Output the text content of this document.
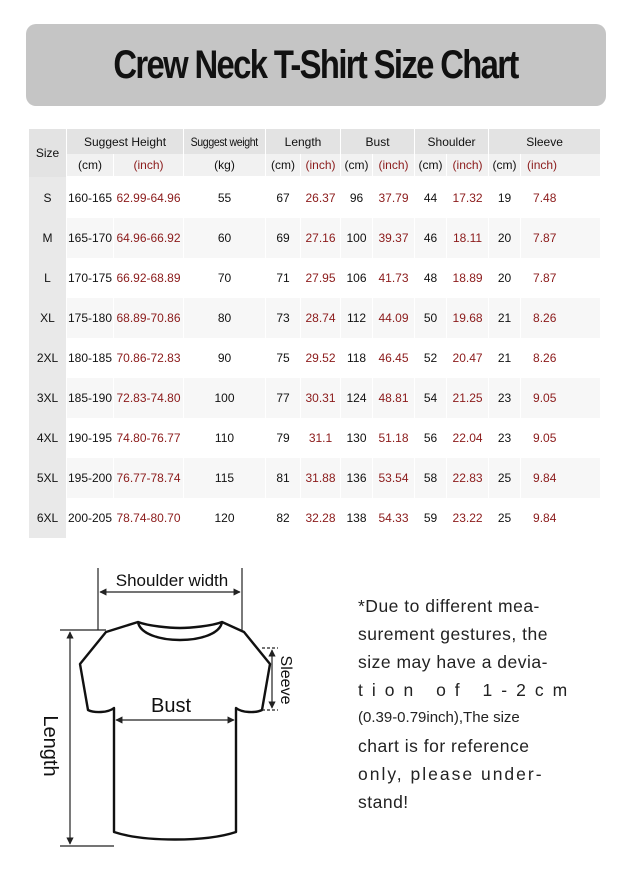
Crew Neck T-Shirt Size Chart
Size	Suggest Height		Suggest weight	Length		Bust		Shoulder		Sleeve	
	(cm)	(inch)	(kg)	(cm)	(inch)	(cm)	(inch)	(cm)	(inch)	(cm)	(inch)
S	160-165	62.99-64.96	55	67	26.37	96	37.79	44	17.32	19	7.48
M	165-170	64.96-66.92	60	69	27.16	100	39.37	46	18.11	20	7.87
L	170-175	66.92-68.89	70	71	27.95	106	41.73	48	18.89	20	7.87
XL	175-180	68.89-70.86	80	73	28.74	112	44.09	50	19.68	21	8.26
2XL	180-185	70.86-72.83	90	75	29.52	118	46.45	52	20.47	21	8.26
3XL	185-190	72.83-74.80	100	77	30.31	124	48.81	54	21.25	23	9.05
4XL	190-195	74.80-76.77	110	79	31.1	130	51.18	56	22.04	23	9.05
5XL	195-200	76.77-78.74	115	81	31.88	136	53.54	58	22.83	25	9.84
6XL	200-205	78.74-80.70	120	82	32.28	138	54.33	59	23.22	25	9.84
Shoulder width
Bust
Sleeve
Length
*Due to different mea-
surement gestures, the
size may have a devia-
tion of 1-2cm
(0.39-0.79inch),The size
chart is for reference
only, please under-
stand!
